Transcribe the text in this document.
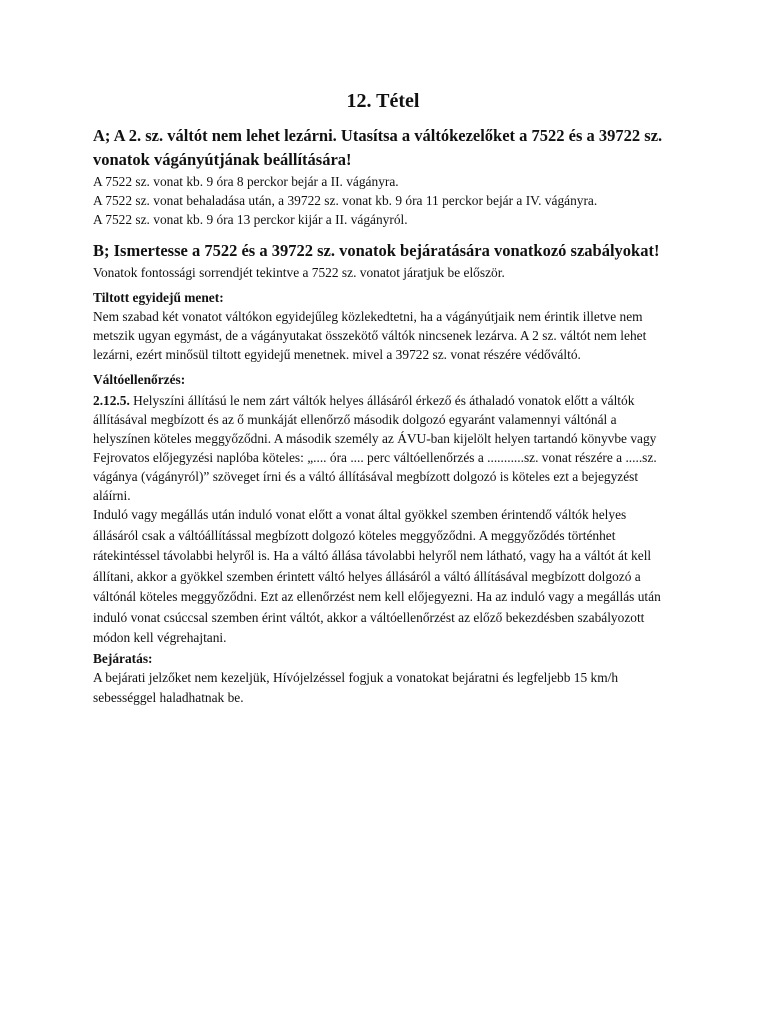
12. Tétel

A; A 2. sz. váltót nem lehet lezárni. Utasítsa a váltókezelőket a 7522 és a 39722 sz. vonatok vágányútjának beállítására!

A 7522 sz. vonat kb. 9 óra 8 perckor bejár a II. vágányra.

A 7522 sz. vonat behaladása után, a 39722 sz. vonat kb. 9 óra 11 perckor bejár a IV. vágányra.

A 7522 sz. vonat kb. 9 óra 13 perckor kijár a II. vágányról.

B; Ismertesse a 7522 és a 39722 sz. vonatok bejáratására vonatkozó szabályokat!

Vonatok fontossági sorrendjét tekintve a 7522 sz. vonatot járatjuk be először.

Tiltott egyidejű menet:

Nem szabad két vonatot váltókon egyidejűleg közlekedtetni, ha a vágányútjaik nem érintik illetve nem metszik ugyan egymást, de a vágányutakat összekötő váltók nincsenek lezárva. A 2 sz. váltót nem lehet lezárni, ezért minősül tiltott egyidejű menetnek. mivel a 39722 sz. vonat részére védőváltó.

Váltóellenőrzés:

2.12.5. Helyszíni állítású le nem zárt váltók helyes állásáról érkező és áthaladó vonatok előtt a váltók állításával megbízott és az ő munkáját ellenőrző második dolgozó egyaránt valamennyi váltónál a helyszínen köteles meggyőződni. A második személy az ÁVU-ban kijelölt helyen tartandó könyvbe vagy Fejrovatos előjegyzési naplóba köteles: „.... óra .... perc váltóellenőrzés a ...........sz. vonat részére a .....sz. vágánya (vágányról)” szöveget írni és a váltó állításával megbízott dolgozó is köteles ezt a bejegyzést aláírni.

Induló vagy megállás után induló vonat előtt a vonat által gyökkel szemben érintendő váltók helyes állásáról csak a váltóállítással megbízott dolgozó köteles meggyőződni. A meggyőződés történhet rátekintéssel távolabbi helyről is. Ha a váltó állása távolabbi helyről nem látható, vagy ha a váltót át kell állítani, akkor a gyökkel szemben érintett váltó helyes állásáról a váltó állításával megbízott dolgozó a váltónál köteles meggyőződni. Ezt az ellenőrzést nem kell előjegyezni. Ha az induló vagy a megállás után induló vonat csúccsal szemben érint váltót, akkor a váltóellenőrzést az előző bekezdésben szabályozott módon kell végrehajtani.

Bejáratás:

A bejárati jelzőket nem kezeljük, Hívójelzéssel fogjuk a vonatokat bejáratni és legfeljebb 15 km/h sebességgel haladhatnak be.
